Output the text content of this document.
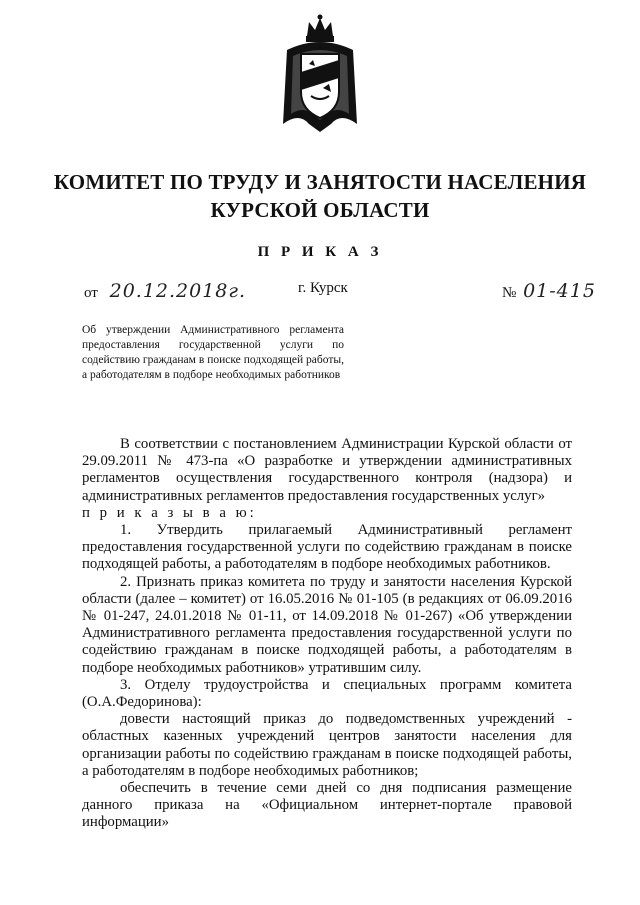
КОМИТЕТ ПО ТРУДУ И ЗАНЯТОСТИ НАСЕЛЕНИЯ
КУРСКОЙ ОБЛАСТИ
П Р И К А З
от 20.12.2018г.	г. Курск	№ 01-415
Об утверждении Административного регламента предоставления государственной услуги по содействию гражданам в поиске подходящей работы, а работодателям в подборе необходимых работников

В соответствии с постановлением Администрации Курской области от 29.09.2011 № 473-па «О разработке и утверждении административных регламентов осуществления государственного контроля (надзора) и административных регламентов предоставления государственных услуг»

п р и к а з ы в а ю:

1. Утвердить прилагаемый Административный регламент предоставления государственной услуги по содействию гражданам в поиске подходящей работы, а работодателям в подборе необходимых работников.

2. Признать приказ комитета по труду и занятости населения Курской области (далее – комитет) от 16.05.2016 № 01-105 (в редакциях от 06.09.2016 № 01-247, 24.01.2018 № 01-11, от 14.09.2018 № 01-267) «Об утверждении Административного регламента предоставления государственной услуги по содействию гражданам в поиске подходящей работы, а работодателям в подборе необходимых работников» утратившим силу.

3. Отделу трудоустройства и специальных программ комитета (О.А.Федоринова):

довести настоящий приказ до подведомственных учреждений - областных казенных учреждений центров занятости населения для организации работы по содействию гражданам в поиске подходящей работы, а работодателям в подборе необходимых работников;

обеспечить в течение семи дней со дня подписания размещение данного приказа на «Официальном интернет-портале правовой информации»
